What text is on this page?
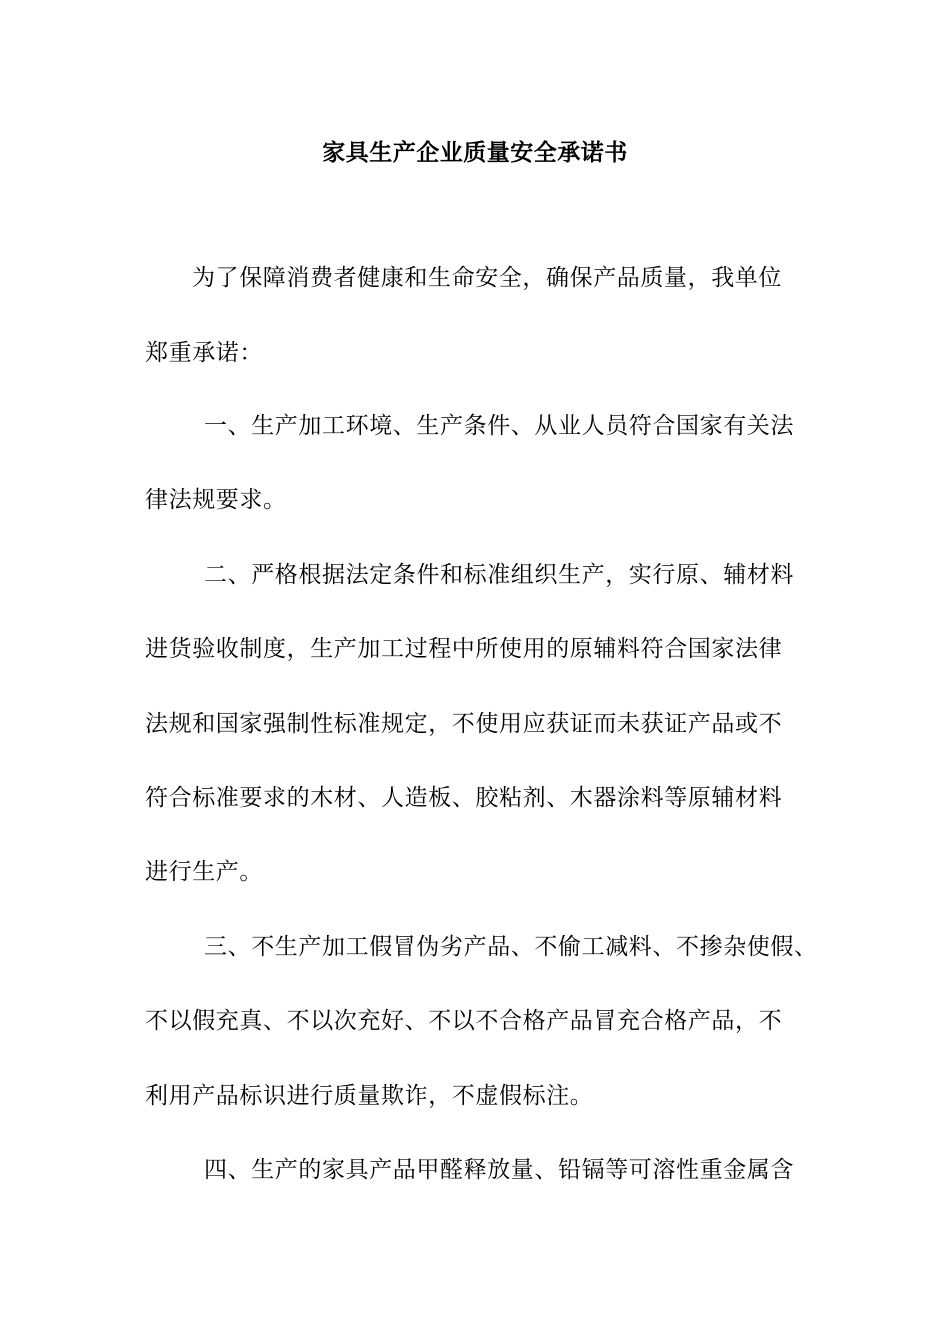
家具生产企业质量安全承诺书
为了保障消费者健康和生命安全，确保产品质量，我单位
郑重承诺：
一、生产加工环境、生产条件、从业人员符合国家有关法
律法规要求。
二、严格根据法定条件和标准组织生产，实行原、辅材料
进货验收制度，生产加工过程中所使用的原辅料符合国家法律
法规和国家强制性标准规定，不使用应获证而未获证产品或不
符合标准要求的木材、人造板、胶粘剂、木器涂料等原辅材料
进行生产。
三、不生产加工假冒伪劣产品、不偷工减料、不掺杂使假、
不以假充真、不以次充好、不以不合格产品冒充合格产品，不
利用产品标识进行质量欺诈，不虚假标注。
四、生产的家具产品甲醛释放量、铅镉等可溶性重金属含
